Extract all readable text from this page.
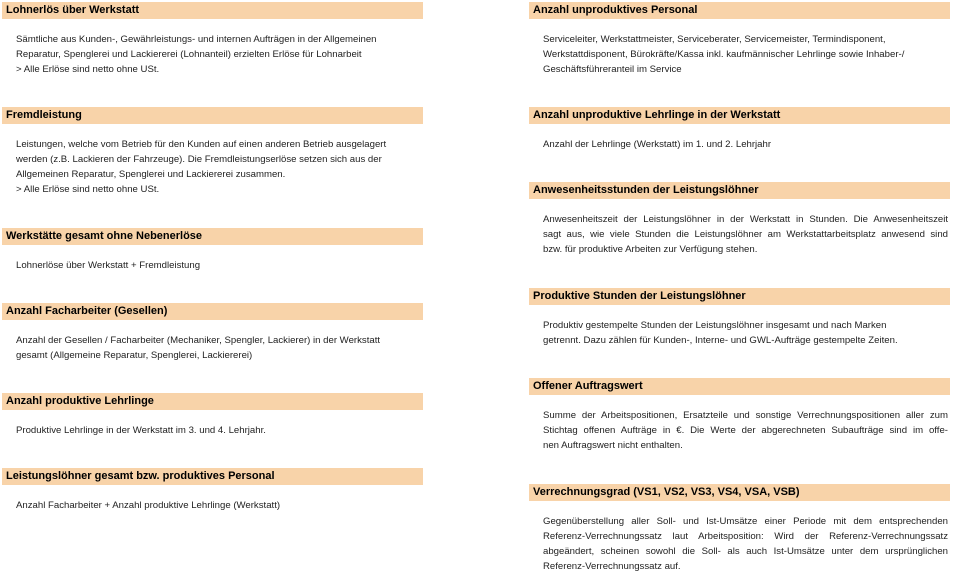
Lohnerlös über Werkstatt
Sämtliche aus Kunden-, Gewährleistungs- und internen Aufträgen in der Allgemeinen
Reparatur, Spenglerei und Lackiererei (Lohnanteil) erzielten Erlöse für Lohnarbeit
> Alle Erlöse sind netto ohne USt.
Fremdleistung
Leistungen, welche vom Betrieb für den Kunden auf einen anderen Betrieb ausgelagert
werden (z.B. Lackieren der Fahrzeuge). Die Fremdleistungserlöse setzen sich aus der
Allgemeinen Reparatur, Spenglerei und Lackiererei zusammen.
> Alle Erlöse sind netto ohne USt.
Werkstätte gesamt ohne Nebenerlöse
Lohnerlöse über Werkstatt + Fremdleistung
Anzahl Facharbeiter (Gesellen)
Anzahl der Gesellen / Facharbeiter (Mechaniker, Spengler, Lackierer) in der Werkstatt
gesamt (Allgemeine Reparatur, Spenglerei, Lackiererei)
Anzahl produktive Lehrlinge
Produktive Lehrlinge in der Werkstatt im 3. und 4. Lehrjahr.
Leistungslöhner gesamt bzw. produktives Personal
Anzahl Facharbeiter + Anzahl produktive Lehrlinge (Werkstatt)
Anzahl unproduktives Personal
Serviceleiter, Werkstattmeister, Serviceberater, Servicemeister, Termindisponent,
Werkstattdisponent, Bürokräfte/Kassa inkl. kaufmännischer Lehrlinge sowie Inhaber-/
Geschäftsführeranteil im Service
Anzahl unproduktive Lehrlinge in der Werkstatt
Anzahl der Lehrlinge (Werkstatt) im 1. und 2. Lehrjahr
Anwesenheitsstunden der Leistungslöhner
Anwesenheitszeit der Leistungslöhner in der Werkstatt in Stunden. Die Anwesenheitszeit
sagt aus, wie viele Stunden die Leistungslöhner am Werkstattarbeitsplatz anwesend sind
bzw. für produktive Arbeiten zur Verfügung stehen.
Produktive Stunden der Leistungslöhner
Produktiv gestempelte Stunden der Leistungslöhner insgesamt und nach Marken
getrennt. Dazu zählen für Kunden-, Interne- und GWL-Aufträge gestempelte Zeiten.
Offener Auftragswert
Summe der Arbeitspositionen, Ersatzteile und sonstige Verrechnungspositionen aller zum
Stichtag offenen Aufträge in €. Die Werte der abgerechneten Subaufträge sind im offe-
nen Auftragswert nicht enthalten.
Verrechnungsgrad (VS1, VS2, VS3, VS4, VSA, VSB)
Gegenüberstellung aller Soll- und Ist-Umsätze einer Periode mit dem entsprechenden
Referenz-Verrechnungssatz laut Arbeitsposition: Wird der Referenz-Verrechnungssatz
abgeändert, scheinen sowohl die Soll- als auch Ist-Umsätze unter dem ursprünglichen
Referenz-Verrechnungssatz auf.
